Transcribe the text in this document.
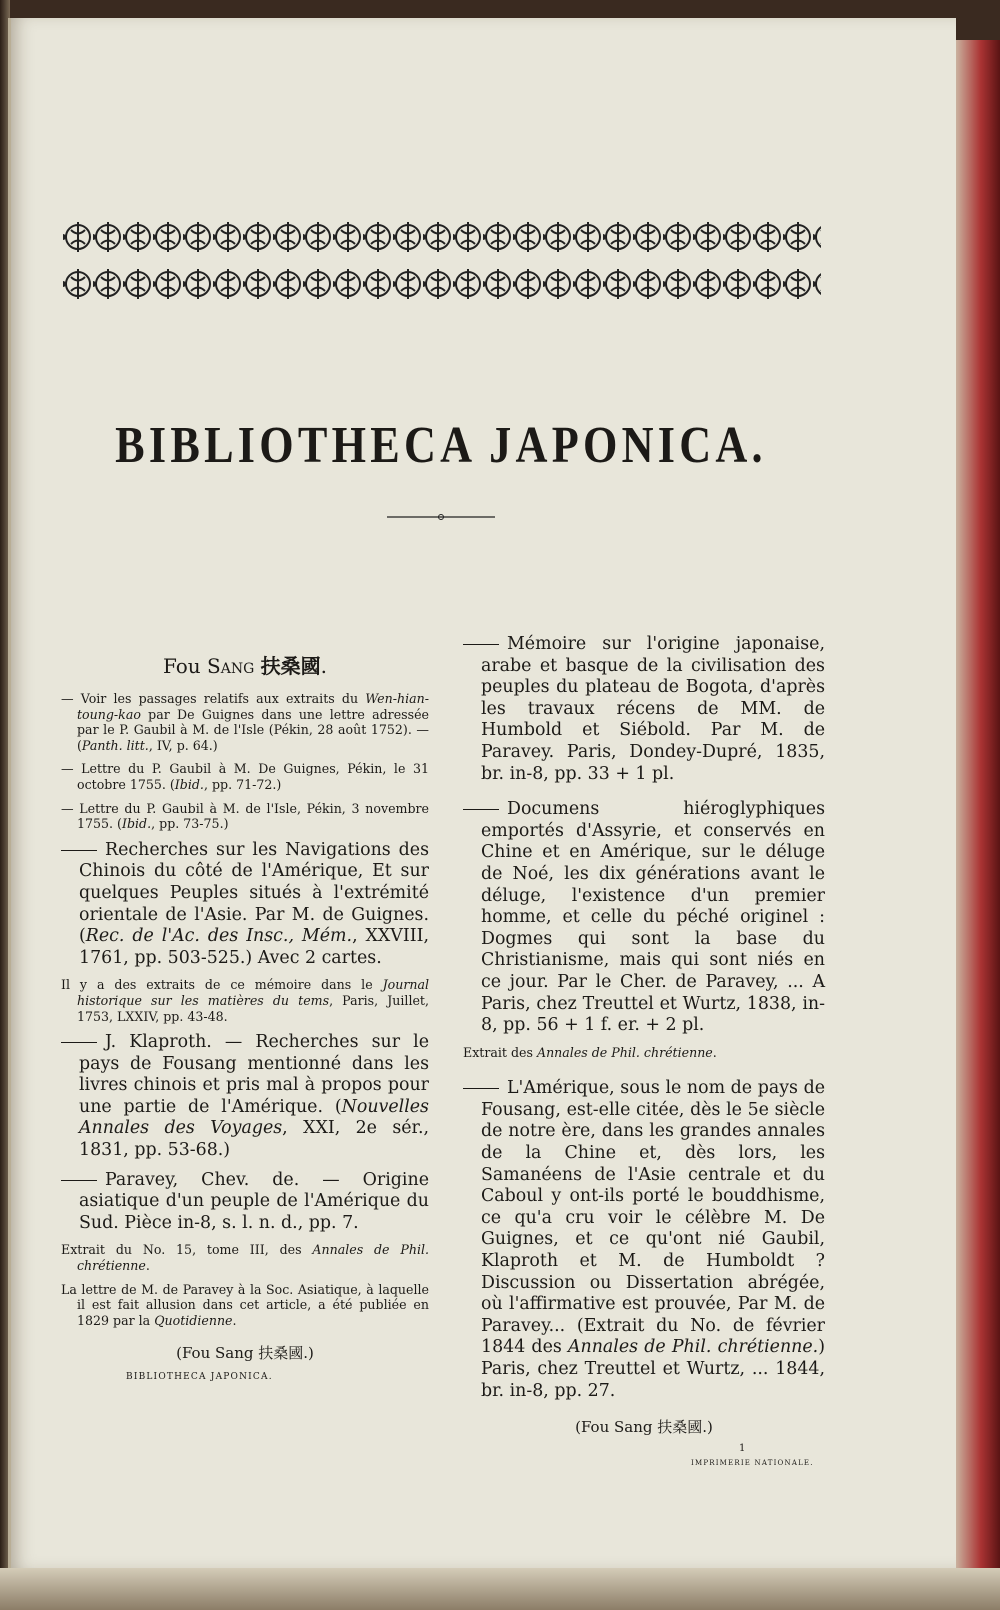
BIBLIOTHECA JAPONICA.
Fou Sang 扶桑國.

— Voir les passages relatifs aux extraits du Wen-hian-toung-kao par De Guignes dans une lettre adressée par le P. Gaubil à M. de l'Isle (Pékin, 28 août 1752). — (Panth. litt., IV, p. 64.)

— Lettre du P. Gaubil à M. De Guignes, Pékin, le 31 octobre 1755. (Ibid., pp. 71-72.)

— Lettre du P. Gaubil à M. de l'Isle, Pékin, 3 novembre 1755. (Ibid., pp. 73-75.)

Recherches sur les Navigations des Chinois du côté de l'Amérique, Et sur quelques Peuples situés à l'extrémité orientale de l'Asie. Par M. de Guignes. (Rec. de l'Ac. des Insc., Mém., XXVIII, 1761, pp. 503-525.) Avec 2 cartes.

Il y a des extraits de ce mémoire dans le Journal historique sur les matières du tems, Paris, Juillet, 1753, LXXIV, pp. 43-48.

J. Klaproth. — Recherches sur le pays de Fousang mentionné dans les livres chinois et pris mal à propos pour une partie de l'Amérique. (Nouvelles Annales des Voyages, XXI, 2e sér., 1831, pp. 53-68.)

Paravey, Chev. de. — Origine asiatique d'un peuple de l'Amérique du Sud. Pièce in-8, s. l. n. d., pp. 7.

Extrait du No. 15, tome III, des Annales de Phil. chrétienne.

La lettre de M. de Paravey à la Soc. Asiatique, à laquelle il est fait allusion dans cet article, a été publiée en 1829 par la Quotidienne.

(Fou Sang 扶桑國.)
BIBLIOTHECA JAPONICA.

Mémoire sur l'origine japonaise, arabe et basque de la civilisation des peuples du plateau de Bogota, d'après les travaux récens de MM. de Humbold et Siébold. Par M. de Paravey. Paris, Dondey-Dupré, 1835, br. in-8, pp. 33 + 1 pl.

Documens hiéroglyphiques emportés d'Assyrie, et conservés en Chine et en Amérique, sur le déluge de Noé, les dix générations avant le déluge, l'existence d'un premier homme, et celle du péché originel : Dogmes qui sont la base du Christianisme, mais qui sont niés en ce jour. Par le Cher. de Paravey, ... A Paris, chez Treuttel et Wurtz, 1838, in-8, pp. 56 + 1 f. er. + 2 pl.

Extrait des Annales de Phil. chrétienne.

L'Amérique, sous le nom de pays de Fousang, est-elle citée, dès le 5e siècle de notre ère, dans les grandes annales de la Chine et, dès lors, les Samanéens de l'Asie centrale et du Caboul y ont-ils porté le bouddhisme, ce qu'a cru voir le célèbre M. De Guignes, et ce qu'ont nié Gaubil, Klaproth et M. de Humboldt ? Discussion ou Dissertation abrégée, où l'affirmative est prouvée, Par M. de Paravey... (Extrait du No. de février 1844 des Annales de Phil. chrétienne.) Paris, chez Treuttel et Wurtz, ... 1844, br. in-8, pp. 27.

(Fou Sang 扶桑國.)
1
IMPRIMERIE NATIONALE.
